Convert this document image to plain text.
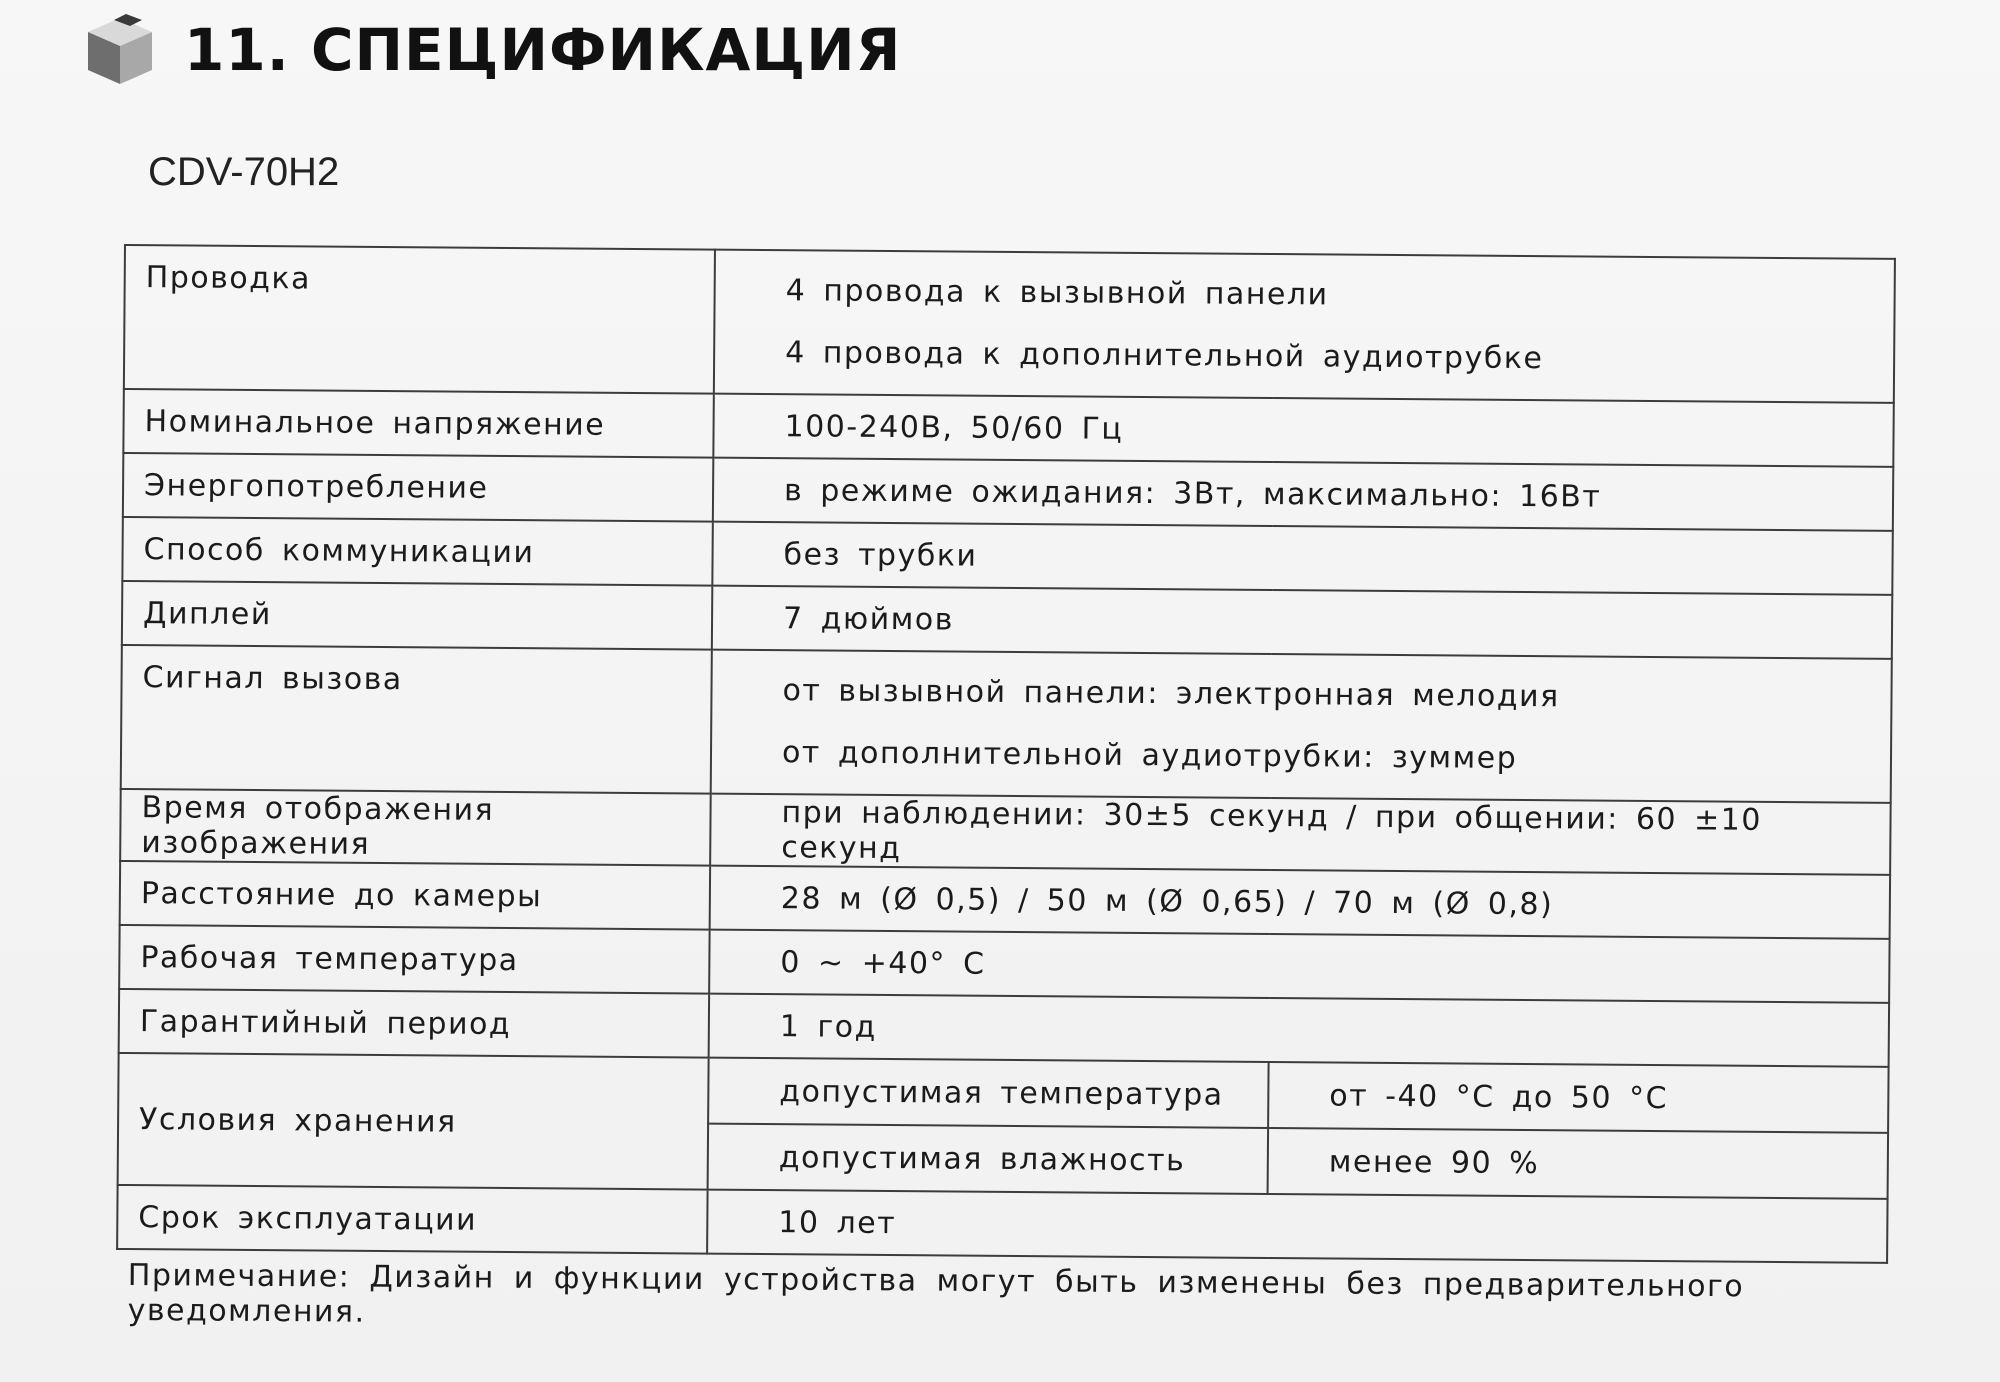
11. СПЕЦИФИКАЦИЯ
CDV-70H2
Проводка	4 провода к вызывной панели
4 провода к дополнительной аудиотрубке	

Номинальное напряжение	100-240В, 50/60 Гц	
Энергопотребление	в режиме ожидания: 3Вт, максимально: 16Вт	
Способ коммуникации	без трубки	
Диплей	7 дюймов	
Сигнал вызова	от вызывной панели: электронная мелодия
от дополнительной аудиотрубки: зуммер	

Время отображения изображения	при наблюдении: 30±5 секунд / при общении: 60 ±10 секунд	
Расстояние до камеры	28 м (Ø 0,5) / 50 м (Ø 0,65) / 70 м (Ø 0,8)	
Рабочая температура	0 ~ +40° C	
Гарантийный период	1 год	
Условия хранения	допустимая температура	от -40 °С до 50 °С
	допустимая влажность	менее 90 %
Срок эксплуатации	10 лет	
Примечание: Дизайн и функции устройства могут быть изменены без предварительного уведомления.
